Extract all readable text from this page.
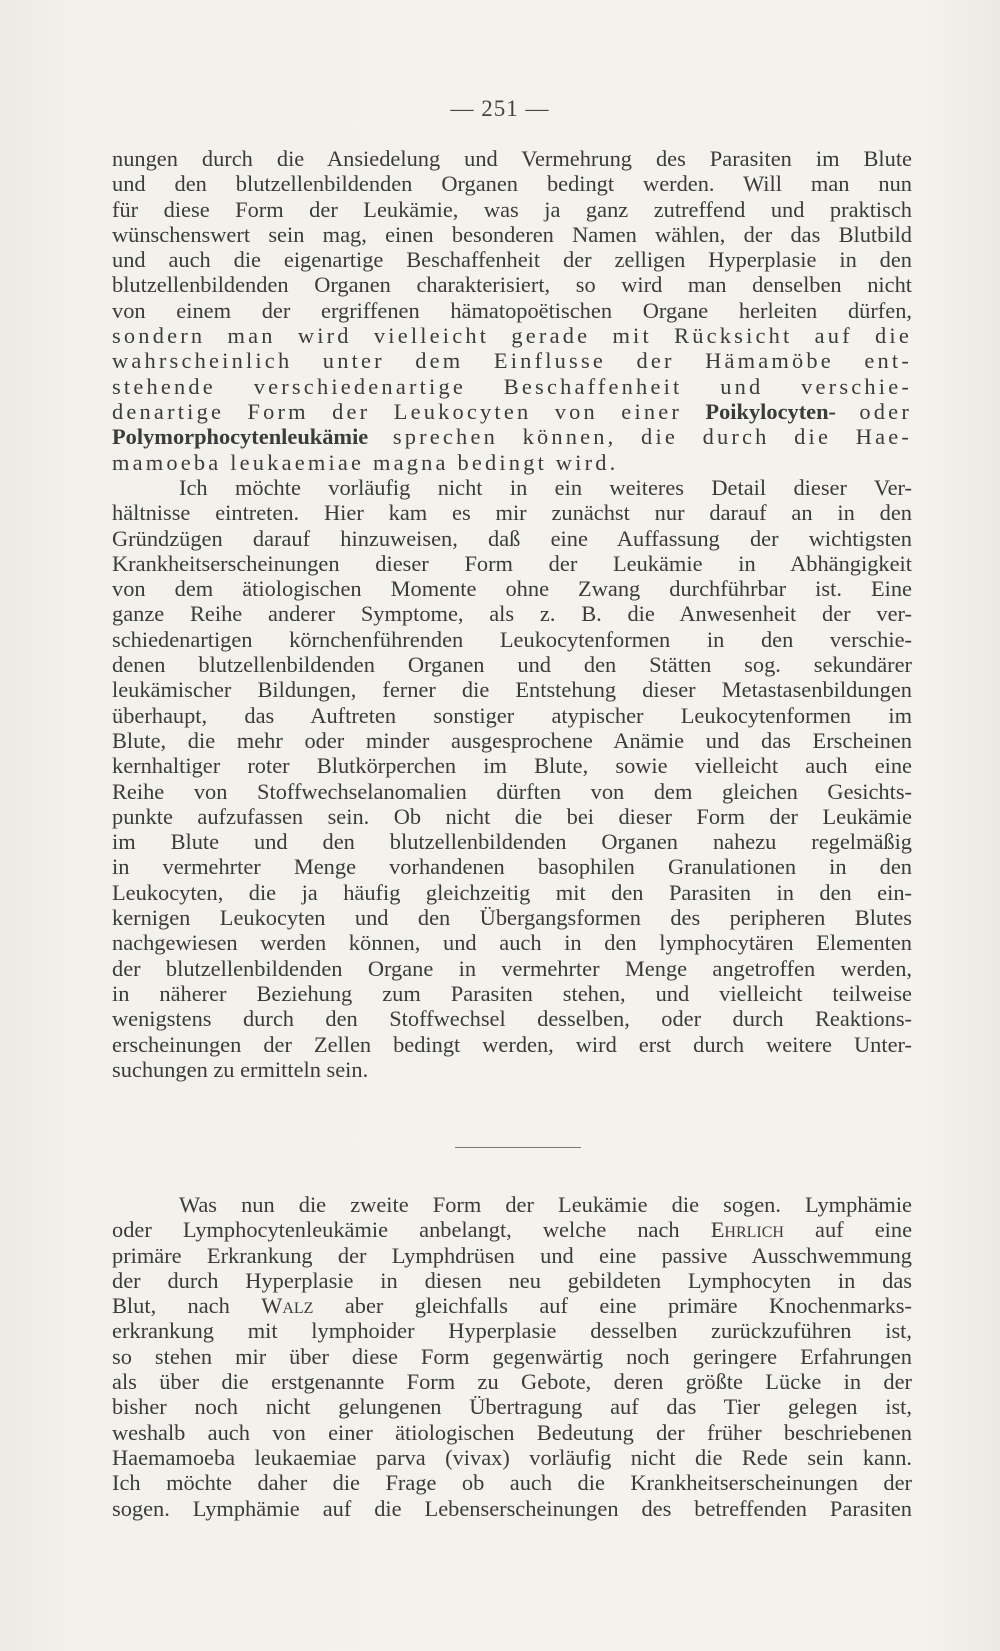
— 251 —
nungen durch die Ansiedelung und Vermehrung des Parasiten im Blute
und den blutzellenbildenden Organen bedingt werden. Will man nun
für diese Form der Leukämie, was ja ganz zutreffend und praktisch
wünschenswert sein mag, einen besonderen Namen wählen, der das Blutbild
und auch die eigenartige Beschaffenheit der zelligen Hyperplasie in den
blutzellenbildenden Organen charakterisiert, so wird man denselben nicht
von einem der ergriffenen hämatopoëtischen Organe herleiten dürfen,
sondern man wird vielleicht gerade mit Rücksicht auf die
wahrscheinlich unter dem Einflusse der Hämamöbe ent-
stehende verschiedenartige Beschaffenheit und verschie-
denartige Form der Leukocyten von einer Poikylocyten- oder
Polymorphocytenleukämie sprechen können, die durch die Hae-
mamoeba leukaemiae magna bedingt wird.
Ich möchte vorläufig nicht in ein weiteres Detail dieser Ver-
hältnisse eintreten. Hier kam es mir zunächst nur darauf an in den
Gründzügen darauf hinzuweisen, daß eine Auffassung der wichtigsten
Krankheitserscheinungen dieser Form der Leukämie in Abhängigkeit
von dem ätiologischen Momente ohne Zwang durchführbar ist. Eine
ganze Reihe anderer Symptome, als z. B. die Anwesenheit der ver-
schiedenartigen körnchenführenden Leukocytenformen in den verschie-
denen blutzellenbildenden Organen und den Stätten sog. sekundärer
leukämischer Bildungen, ferner die Entstehung dieser Metastasenbildungen
überhaupt, das Auftreten sonstiger atypischer Leukocytenformen im
Blute, die mehr oder minder ausgesprochene Anämie und das Erscheinen
kernhaltiger roter Blutkörperchen im Blute, sowie vielleicht auch eine
Reihe von Stoffwechselanomalien dürften von dem gleichen Gesichts-
punkte aufzufassen sein. Ob nicht die bei dieser Form der Leukämie
im Blute und den blutzellenbildenden Organen nahezu regelmäßig
in vermehrter Menge vorhandenen basophilen Granulationen in den
Leukocyten, die ja häufig gleichzeitig mit den Parasiten in den ein-
kernigen Leukocyten und den Übergangsformen des peripheren Blutes
nachgewiesen werden können, und auch in den lymphocytären Elementen
der blutzellenbildenden Organe in vermehrter Menge angetroffen werden,
in näherer Beziehung zum Parasiten stehen, und vielleicht teilweise
wenigstens durch den Stoffwechsel desselben, oder durch Reaktions-
erscheinungen der Zellen bedingt werden, wird erst durch weitere Unter-
suchungen zu ermitteln sein.
Was nun die zweite Form der Leukämie die sogen. Lymphämie
oder Lymphocytenleukämie anbelangt, welche nach Ehrlich auf eine
primäre Erkrankung der Lymphdrüsen und eine passive Ausschwemmung
der durch Hyperplasie in diesen neu gebildeten Lymphocyten in das
Blut, nach Walz aber gleichfalls auf eine primäre Knochenmarks-
erkrankung mit lymphoider Hyperplasie desselben zurückzuführen ist,
so stehen mir über diese Form gegenwärtig noch geringere Erfahrungen
als über die erstgenannte Form zu Gebote, deren größte Lücke in der
bisher noch nicht gelungenen Übertragung auf das Tier gelegen ist,
weshalb auch von einer ätiologischen Bedeutung der früher beschriebenen
Haemamoeba leukaemiae parva (vivax) vorläufig nicht die Rede sein kann.
Ich möchte daher die Frage ob auch die Krankheitserscheinungen der
sogen. Lymphämie auf die Lebenserscheinungen des betreffenden Parasiten
